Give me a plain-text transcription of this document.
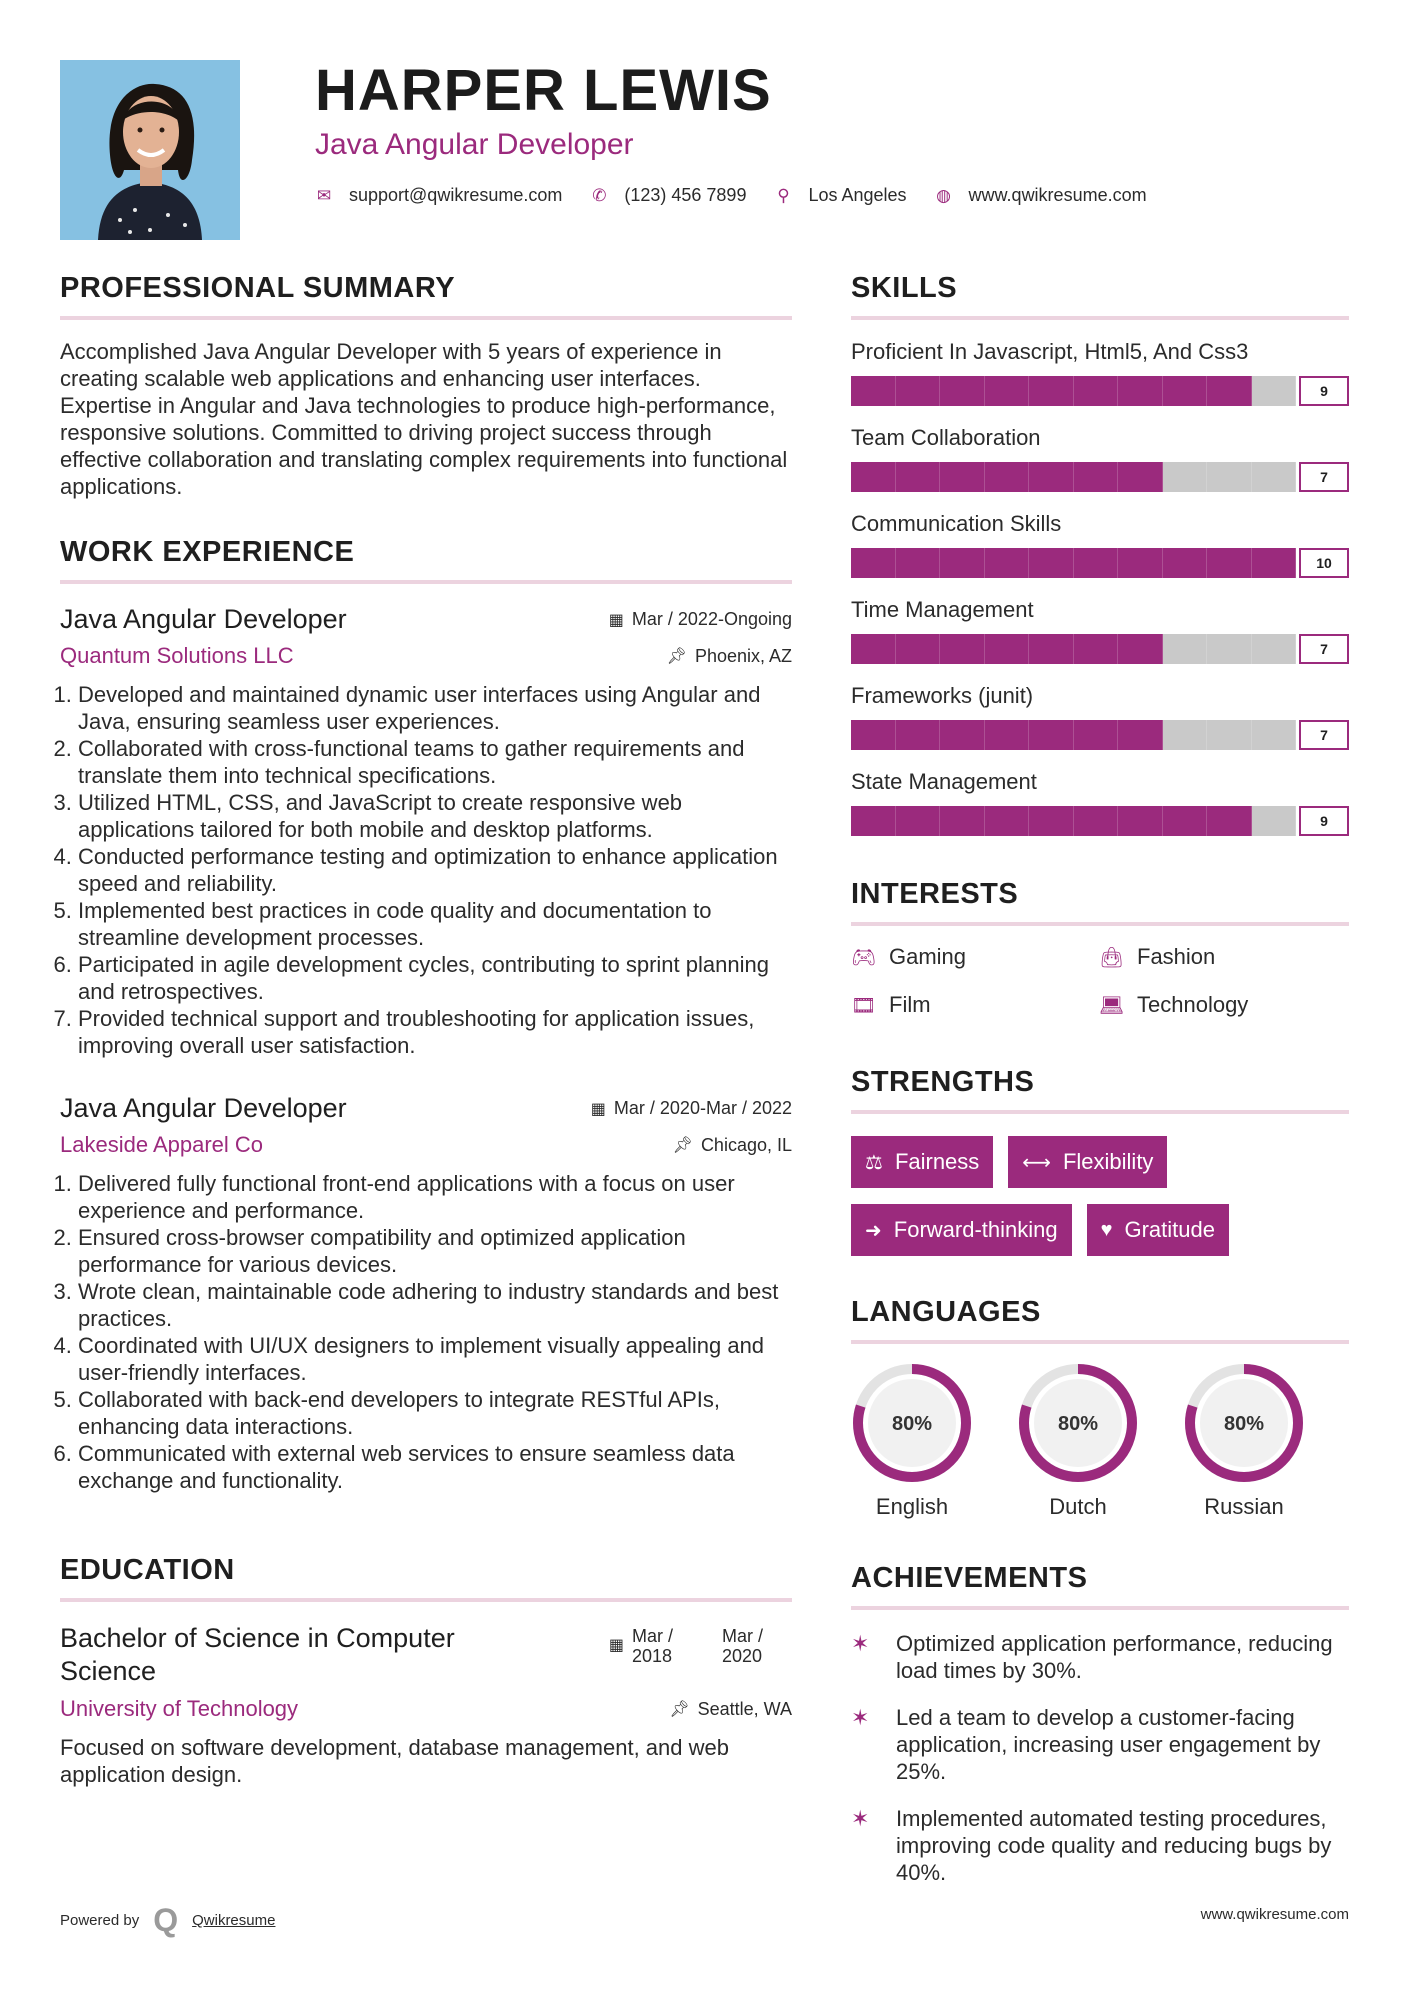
HARPER LEWIS
Java Angular Developer
✉ support@qwikresume.com ✆ (123) 456 7899 ⚲ Los Angeles ◍ www.qwikresume.com
PROFESSIONAL SUMMARY
Accomplished Java Angular Developer with 5 years of experience in creating scalable web applications and enhancing user interfaces. Expertise in Angular and Java technologies to produce high-performance, responsive solutions. Committed to driving project success through effective collaboration and translating complex requirements into functional applications.
WORK EXPERIENCE
Java Angular Developer	▦ Mar / 2022-Ongoing
Quantum Solutions LLC	📌︎ Phoenix, AZ
1. Developed and maintained dynamic user interfaces using Angular and Java, ensuring seamless user experiences.
2. Collaborated with cross-functional teams to gather requirements and translate them into technical specifications.
3. Utilized HTML, CSS, and JavaScript to create responsive web applications tailored for both mobile and desktop platforms.
4. Conducted performance testing and optimization to enhance application speed and reliability.
5. Implemented best practices in code quality and documentation to streamline development processes.
6. Participated in agile development cycles, contributing to sprint planning and retrospectives.
7. Provided technical support and troubleshooting for application issues, improving overall user satisfaction.
Java Angular Developer	▦ Mar / 2020-Mar / 2022
Lakeside Apparel Co	📌︎ Chicago, IL
1. Delivered fully functional front-end applications with a focus on user experience and performance.
2. Ensured cross-browser compatibility and optimized application performance for various devices.
3. Wrote clean, maintainable code adhering to industry standards and best practices.
4. Coordinated with UI/UX designers to implement visually appealing and user-friendly interfaces.
5. Collaborated with back-end developers to integrate RESTful APIs, enhancing data interactions.
6. Communicated with external web services to ensure seamless data exchange and functionality.
EDUCATION
Bachelor of Science in Computer Science
▦ Mar / 2018
Mar / 2020
University of Technology	📌︎ Seattle, WA
Focused on software development, database management, and web application design.
SKILLS
Proficient In Javascript, Html5, And Css3
9
Team Collaboration
7
Communication Skills
10
Time Management
7
Frameworks (junit)
7
State Management
9
INTERESTS
🎮︎ Gaming	👜︎ Fashion
🎞︎ Film	💻︎ Technology
STRENGTHS
⚖ Fairness ⟷ Flexibility
➜ Forward-thinking ♥ Gratitude
LANGUAGES
80%
English
80%
Dutch
80%
Russian
ACHIEVEMENTS
✶	Optimized application performance, reducing load times by 30%.
✶	Led a team to develop a customer-facing application, increasing user engagement by 25%.
✶	Implemented automated testing procedures, improving code quality and reducing bugs by 40%.
Powered by Q Qwikresume	www.qwikresume.com
